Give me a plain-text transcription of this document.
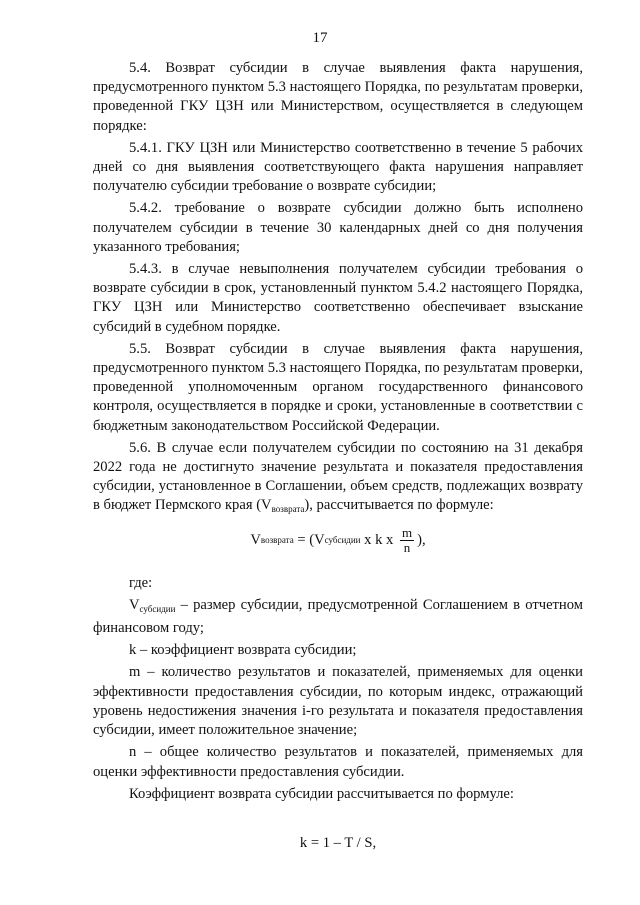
17

5.4. Возврат субсидии в случае выявления факта нарушения, предусмотренного пунктом 5.3 настоящего Порядка, по результатам проверки, проведенной ГКУ ЦЗН или Министерством, осуществляется в следующем порядке:

5.4.1. ГКУ ЦЗН или Министерство соответственно в течение 5 рабочих дней со дня выявления соответствующего факта нарушения направляет получателю субсидии требование о возврате субсидии;

5.4.2. требование о возврате субсидии должно быть исполнено получателем субсидии в течение 30 календарных дней со дня получения указанного требования;

5.4.3. в случае невыполнения получателем субсидии требования о возврате субсидии в срок, установленный пунктом 5.4.2 настоящего Порядка, ГКУ ЦЗН или Министерство соответственно обеспечивает взыскание субсидий в судебном порядке.

5.5. Возврат субсидии в случае выявления факта нарушения, предусмотренного пунктом 5.3 настоящего Порядка, по результатам проверки, проведенной уполномоченным органом государственного финансового контроля, осуществляется в порядке и сроки, установленные в соответствии с бюджетным законодательством Российской Федерации.

5.6. В случае если получателем субсидии по состоянию на 31 декабря 2022 года не достигнуто значение результата и показателя предоставления субсидии, установленное в Соглашении, объем средств, подлежащих возврату в бюджет Пермского края $(V_{возврата})$, рассчитывается по формуле:

V возврата = (V субсидии x k x $\frac{m}{n}$ ),

где:

$V_{субсидии}$ – размер субсидии, предусмотренной Соглашением в отчетном финансовом году;

k – коэффициент возврата субсидии;

m – количество результатов и показателей, применяемых для оценки эффективности предоставления субсидии, по которым индекс, отражающий уровень недостижения значения i-го результата и показателя предоставления субсидии, имеет положительное значение;

n – общее количество результатов и показателей, применяемых для оценки эффективности предоставления субсидии.

Коэффициент возврата субсидии рассчитывается по формуле:

k = 1 – T / S,
